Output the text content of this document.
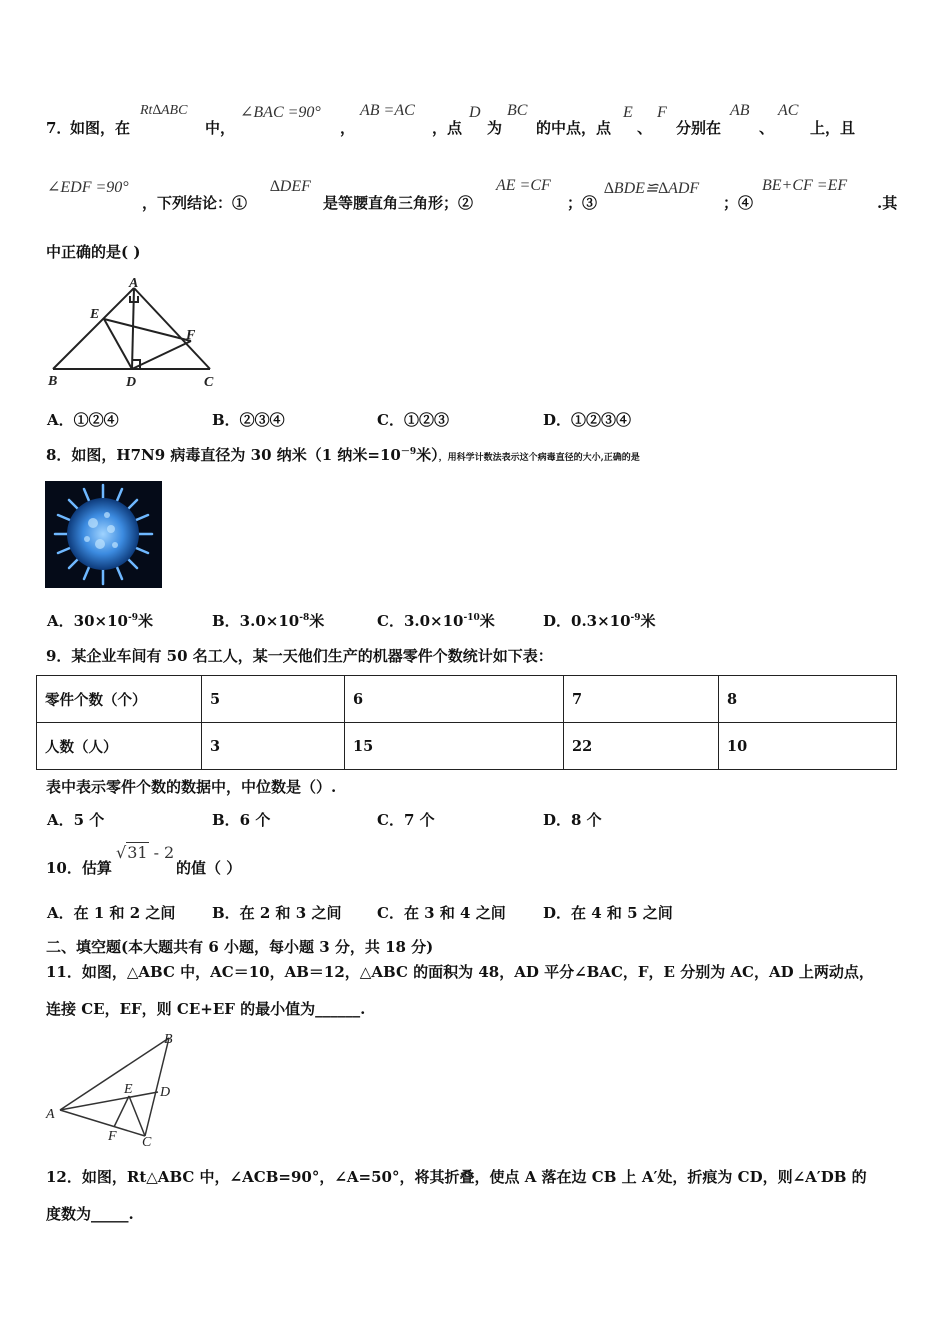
7．
如图，在
Rt∆ABC
中，
∠BAC =90°
，
AB =AC
，点
D
为
BC
的中点，点
E
、
F
分别在
AB
、
AC
上，且
∠EDF =90°
，下列结论：①
∆DEF
是等腰直角三角形；②
AE =CF
；③
∆BDE≌∆ADF
；④
BE+CF =EF
.其
中正确的是( )
A
B	C
D
E
F
A．①②④	B．②③④	C．①②③	D．①②③④
8．如图，H7N9 病毒直径为 30 纳米（1 纳米$=10^{-9}$米），用科学计数法表示这个病毒直径的大小,正确的是
A．$30\times 10^{-9}$米	B．$3.0\times 10^{-8}$米	C．$3.0\times 10^{-10}$米	D．$0.3\times 10^{-9}$米
9．某企业车间有 50 名工人，某一天他们生产的机器零件个数统计如下表：
零件个数（个）	5	6	7	8
人数（人）	3	15	22	10
表中表示零件个数的数据中，中位数是（）.
A．5 个	B．6 个	C．7 个	D．8 个
10．估算
√31 - 2
的值（ ）
A．在 1 和 2 之间 B．在 2 和 3 之间 C．在 3 和 4 之间 D．在 4 和 5 之间
二、填空题(本大题共有 6 小题，每小题 3 分，共 18 分)
11．如图，△ABC 中，AC＝10，AB＝12，△ABC 的面积为 48，AD 平分∠BAC，F，E 分别为 AC，AD 上两动点，
连接 CE，EF，则 CE+EF 的最小值为______.
A
B
C
D
E
F
12．如图，Rt△ABC 中，∠ACB=90°，∠A=50°，将其折叠，使点 A 落在边 CB 上 A′处，折痕为 CD，则∠A′DB 的
度数为_____.
